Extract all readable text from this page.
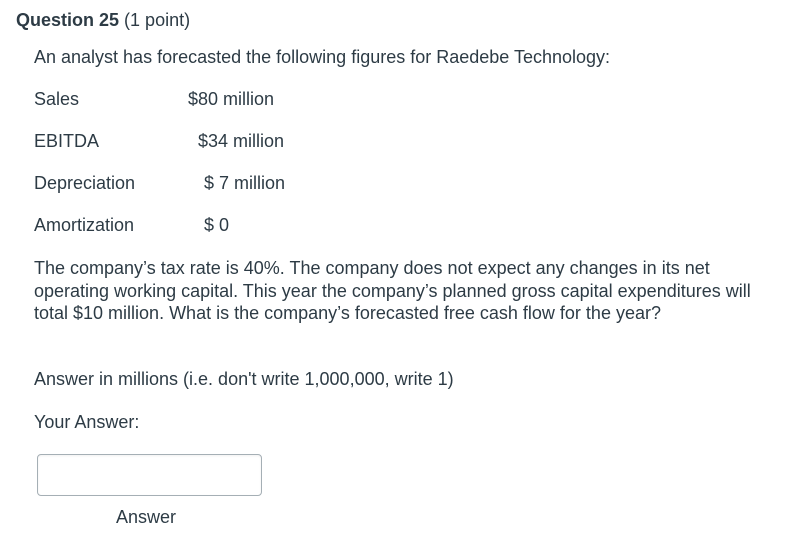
Question 25 (1 point)
An analyst has forecasted the following figures for Raedebe Technology:
Sales	$80 million
EBITDA	$34 million
Depreciation	$ 7 million
Amortization	$ 0
The company’s tax rate is 40%. The company does not expect any changes in its net operating working capital. This year the company’s planned gross capital expenditures will total $10 million. What is the company’s forecasted free cash flow for the year?
Answer in millions (i.e. don't write 1,000,000, write 1)
Your Answer:
Answer
